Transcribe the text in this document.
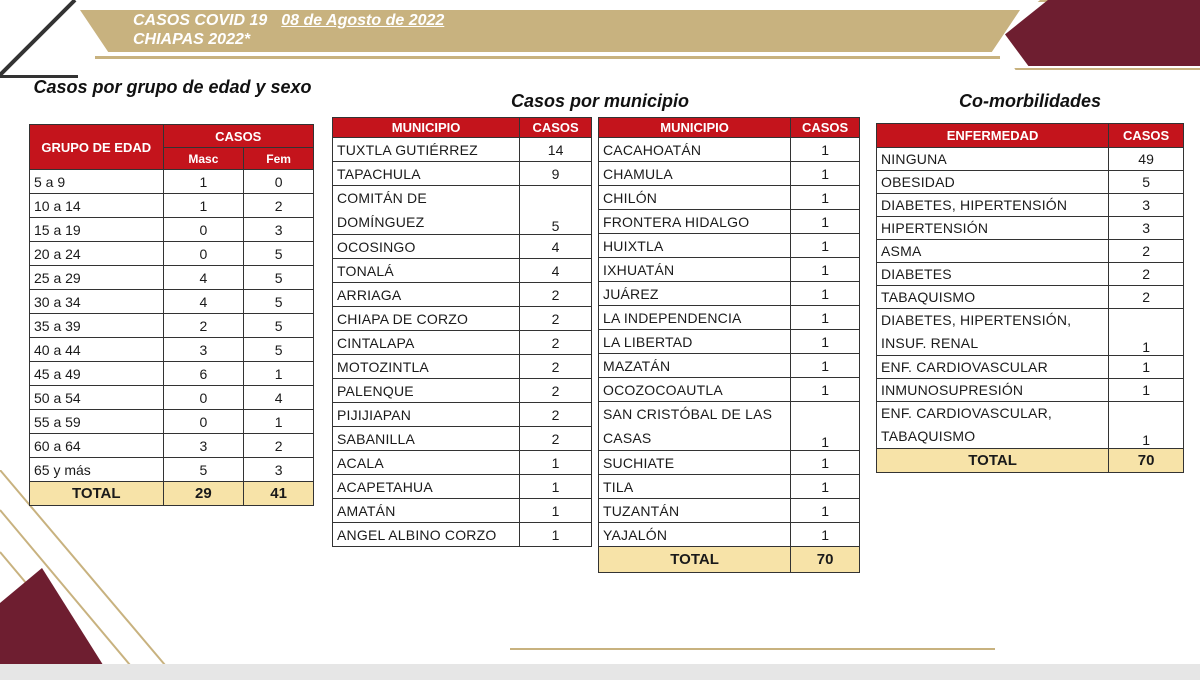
CASOS COVID 19 08 de Agosto de 2022
CHIAPAS 2022*
Casos por grupo de edad y sexo
Casos por municipio	Co-morbilidades
GRUPO DE EDAD	CASOS	
	Masc	Fem
5 a 9	1	0
10 a 14	1	2
15 a 19	0	3
20 a 24	0	5
25 a 29	4	5
30 a 34	4	5
35 a 39	2	5
40 a 44	3	5
45 a 49	6	1
50 a 54	0	4
55 a 59	0	1
60 a 64	3	2
65 y más	5	3
TOTAL	29	41
MUNICIPIO	CASOS
TUXTLA GUTIÉRREZ	14
TAPACHULA	9

COMITÁN DE
DOMÍNGUEZ	5
OCOSINGO	4
TONALÁ	4
ARRIAGA	2
CHIAPA DE CORZO	2
CINTALAPA	2
MOTOZINTLA	2
PALENQUE	2
PIJIJIAPAN	2
SABANILLA	2
ACALA	1
ACAPETAHUA	1
AMATÁN	1
ANGEL ALBINO CORZO	1
MUNICIPIO	CASOS
CACAHOATÁN	1
CHAMULA	1
CHILÓN	1
FRONTERA HIDALGO	1
HUIXTLA	1
IXHUATÁN	1
JUÁREZ	1
LA INDEPENDENCIA	1
LA LIBERTAD	1
MAZATÁN	1
OCOZOCOAUTLA	1

SAN CRISTÓBAL DE LAS
CASAS	1
SUCHIATE	1
TILA	1
TUZANTÁN	1
YAJALÓN	1
TOTAL	70
ENFERMEDAD	CASOS
NINGUNA	49
OBESIDAD	5
DIABETES, HIPERTENSIÓN	3
HIPERTENSIÓN	3
ASMA	2
DIABETES	2
TABAQUISMO	2

DIABETES, HIPERTENSIÓN,
INSUF. RENAL	1
ENF. CARDIOVASCULAR	1
INMUNOSUPRESIÓN	1

ENF. CARDIOVASCULAR,
TABAQUISMO	1
TOTAL	70
